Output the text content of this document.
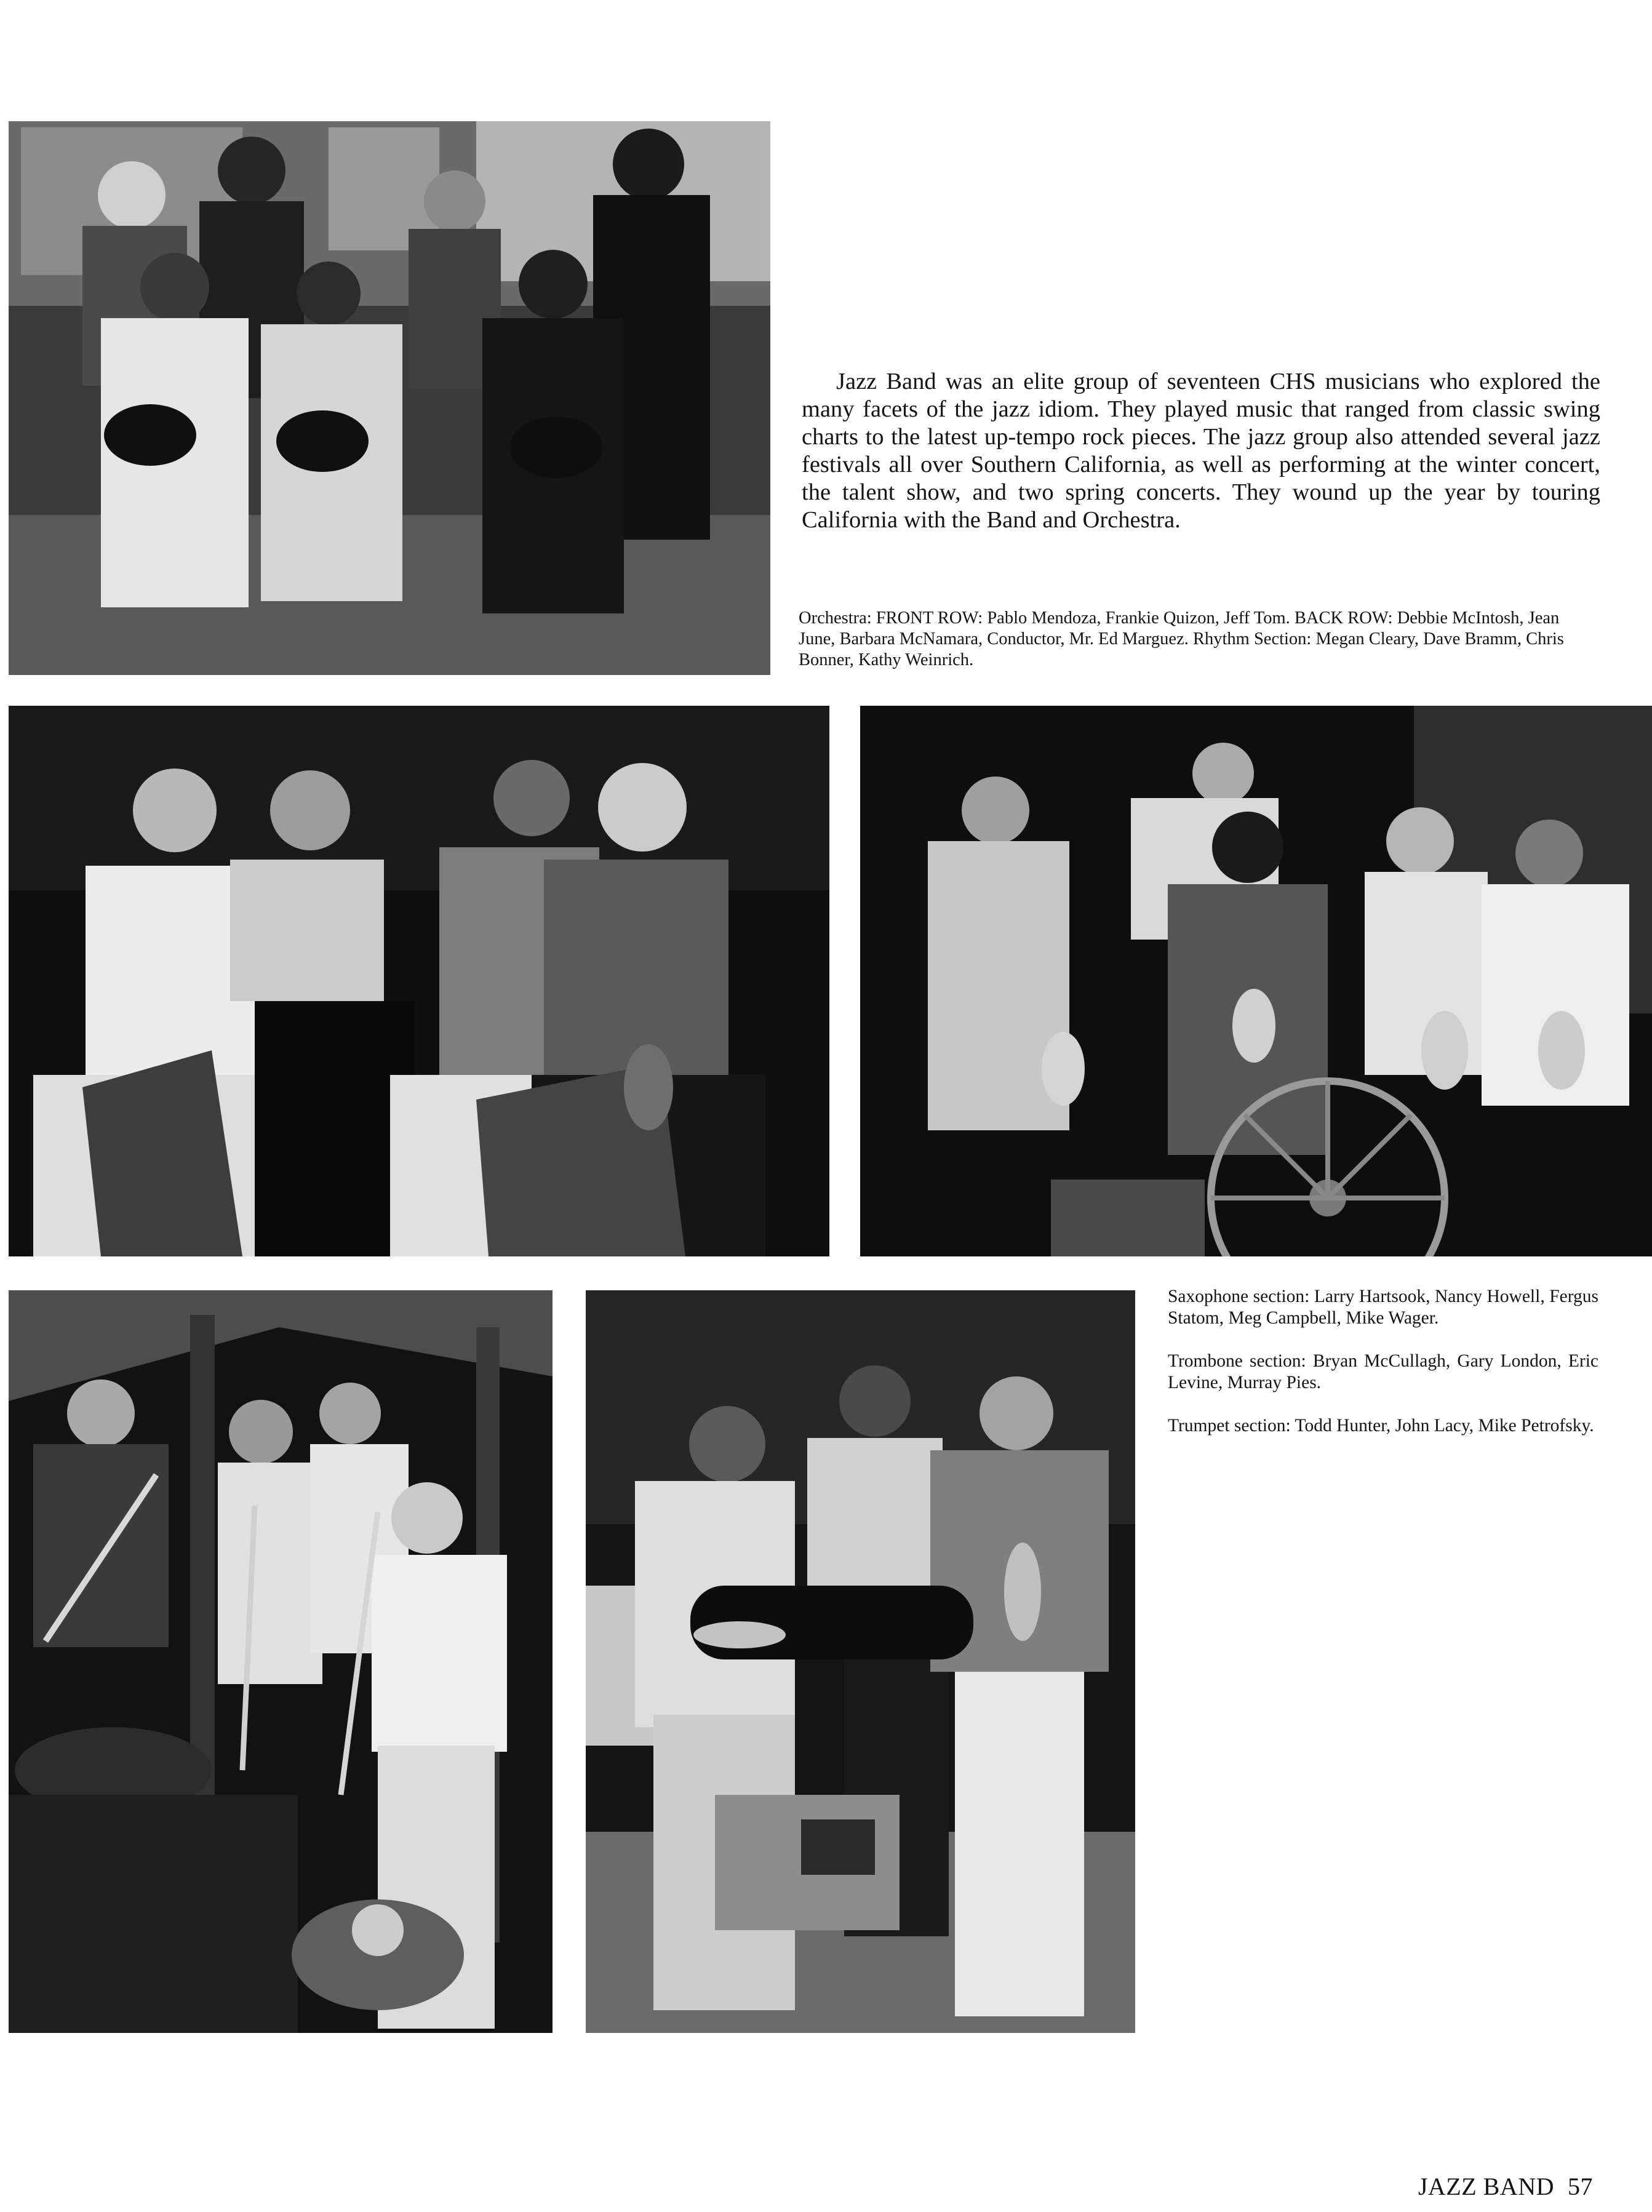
Jazz Band was an elite group of seventeen CHS musicians who explored the many facets of the jazz idiom. They played music that ranged from classic swing charts to the latest up-tempo rock pieces. The jazz group also attended several jazz festivals all over Southern California, as well as performing at the winter concert, the talent show, and two spring concerts. They wound up the year by touring California with the Band and Orchestra.

Orchestra: FRONT ROW: Pablo Mendoza, Frankie Quizon, Jeff Tom. BACK ROW: Debbie McIntosh, Jean June, Barbara McNamara, Conductor, Mr. Ed Marguez. Rhythm Section: Megan Cleary, Dave Bramm, Chris Bonner, Kathy Weinrich.

Saxophone section: Larry Hartsook, Nancy Howell, Fergus Statom, Meg Campbell, Mike Wager.

Trombone section: Bryan McCullagh, Gary London, Eric Levine, Murray Pies.

Trumpet section: Todd Hunter, John Lacy, Mike Petrofsky.

JAZZ BAND 57
